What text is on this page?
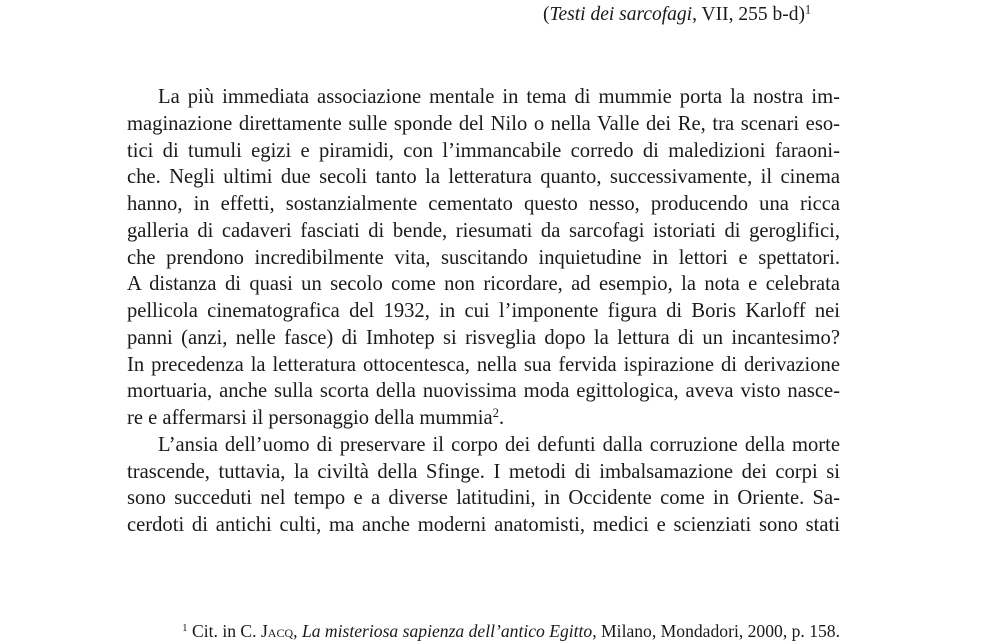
(Testi dei sarcofagi, VII, 255 b-d)$^1$
La più immediata associazione mentale in tema di mummie porta la nostra im-
maginazione direttamente sulle sponde del Nilo o nella Valle dei Re, tra scenari eso-
tici di tumuli egizi e piramidi, con l’immancabile corredo di maledizioni faraoni-
che. Negli ultimi due secoli tanto la letteratura quanto, successivamente, il cinema
hanno, in effetti, sostanzialmente cementato questo nesso, producendo una ricca
galleria di cadaveri fasciati di bende, riesumati da sarcofagi istoriati di geroglifici,
che prendono incredibilmente vita, suscitando inquietudine in lettori e spettatori.
A distanza di quasi un secolo come non ricordare, ad esempio, la nota e celebrata
pellicola cinematografica del 1932, in cui l’imponente figura di Boris Karloff nei
panni (anzi, nelle fasce) di Imhotep si risveglia dopo la lettura di un incantesimo?
In precedenza la letteratura ottocentesca, nella sua fervida ispirazione di derivazione
mortuaria, anche sulla scorta della nuovissima moda egittologica, aveva visto nasce-
re e affermarsi il personaggio della mummia$^2$.
L’ansia dell’uomo di preservare il corpo dei defunti dalla corruzione della morte
trascende, tuttavia, la civiltà della Sfinge. I metodi di imbalsamazione dei corpi si
sono succeduti nel tempo e a diverse latitudini, in Occidente come in Oriente. Sa-
cerdoti di antichi culti, ma anche moderni anatomisti, medici e scienziati sono stati
$^1$ Cit. in C. Jacq, La misteriosa sapienza dell’antico Egitto, Milano, Mondadori, 2000, p. 158.
